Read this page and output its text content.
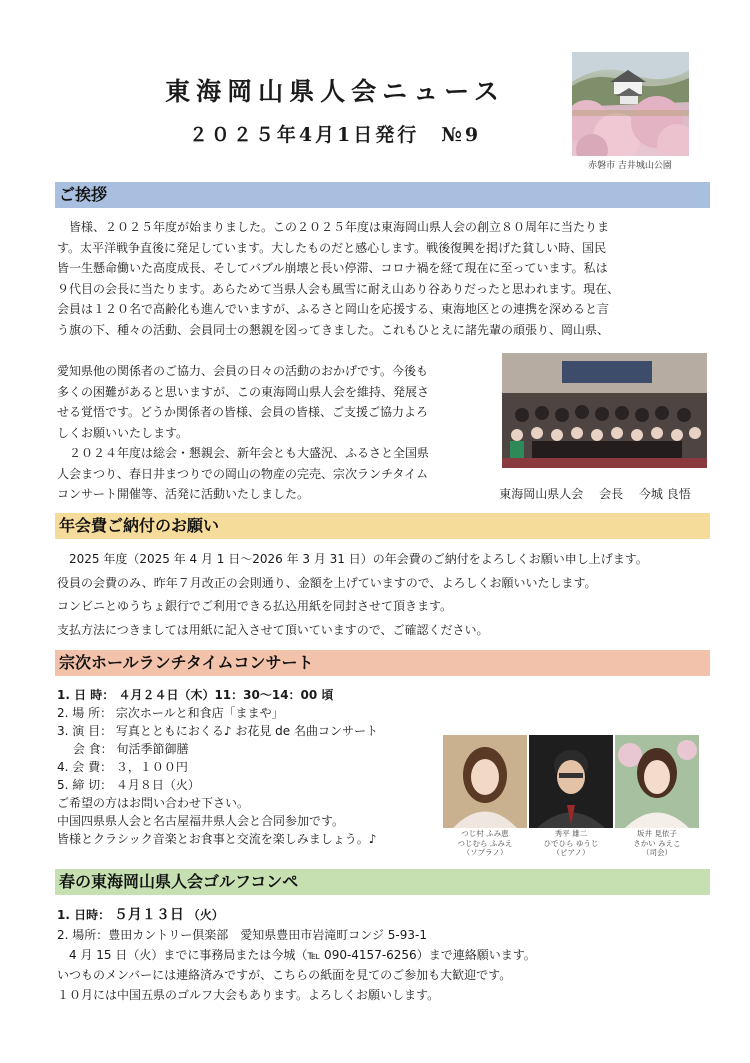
東海岡山県人会ニュース
２０２５年4月1日発行　№9
赤磐市 吉井城山公園
ご挨拶
　皆様、２０２５年度が始まりました。この２０２５年度は東海岡山県人会の創立８０周年に当たりま
す。太平洋戦争直後に発足しています。大したものだと感心します。戦後復興を掲げた貧しい時、国民
皆一生懸命働いた高度成長、そしてバブル崩壊と長い停滞、コロナ禍を経て現在に至っています。私は
９代目の会長に当たります。あらためて当県人会も風雪に耐え山あり谷ありだったと思われます。現在、
会員は１２０名で高齢化も進んでいますが、ふるさと岡山を応援する、東海地区との連携を深めると言
う旗の下、種々の活動、会員同士の懇親を図ってきました。これもひとえに諸先輩の頑張り、岡山県、
愛知県他の関係者のご協力、会員の日々の活動のおかげです。今後も
多くの困難があると思いますが、この東海岡山県人会を維持、発展さ
せる覚悟です。どうか関係者の皆様、会員の皆様、ご支援ご協力よろ
しくお願いいたします。
　２０２４年度は総会・懇親会、新年会とも大盛況、ふるさと全国県
人会まつり、春日井まつりでの岡山の物産の完売、宗次ランチタイム
コンサート開催等、活発に活動いたしました。	東海岡山県人会　 会長　 今城 良悟
年会費ご納付のお願い
　2025 年度（2025 年 4 月 1 日〜2026 年 3 月 31 日）の年会費のご納付をよろしくお願い申し上げます。
役員の会費のみ、昨年７月改正の会則通り、金額を上げていますので、よろしくお願いいたします。
コンビニとゆうちょ銀行でご利用できる払込用紙を同封させて頂きます。
支払方法につきましては用紙に記入させて頂いていますので、ご確認ください。
宗次ホールランチタイムコンサート
1. 日 時： ４月２４日（木）11：30〜14：00 頃
2. 場 所： 宗次ホールと和食店「ままや」
3. 演 目： 写真とともにおくる♪ お花見 de 名曲コンサート
　 会 食： 旬活季節御膳
4. 会 費： ３，１００円
5. 締 切： ４月８日（火）
ご希望の方はお問い合わせ下さい。
中国四県県人会と名古屋福井県人会と合同参加です。
皆様とクラシック音楽とお食事と交流を楽しみましょう。♪	つじ村 ふみ恵
つじむら ふみえ
（ソプラノ）
秀平 雄二
ひでひら ゆうじ
（ピアノ）
坂井 見依子
さかい みえこ
（司会）
春の東海岡山県人会ゴルフコンペ
1. 日時： ５月１３日 （火）
2. 場所：豊田カントリー倶楽部　愛知県豊田市岩滝町コンジ 5-93-1
　4 月 15 日（火）までに事務局または今城（℡ 090-4157-6256）まで連絡願います。
いつものメンバーには連絡済みですが、こちらの紙面を見てのご参加も大歓迎です。
１０月には中国五県のゴルフ大会もあります。よろしくお願いします。
